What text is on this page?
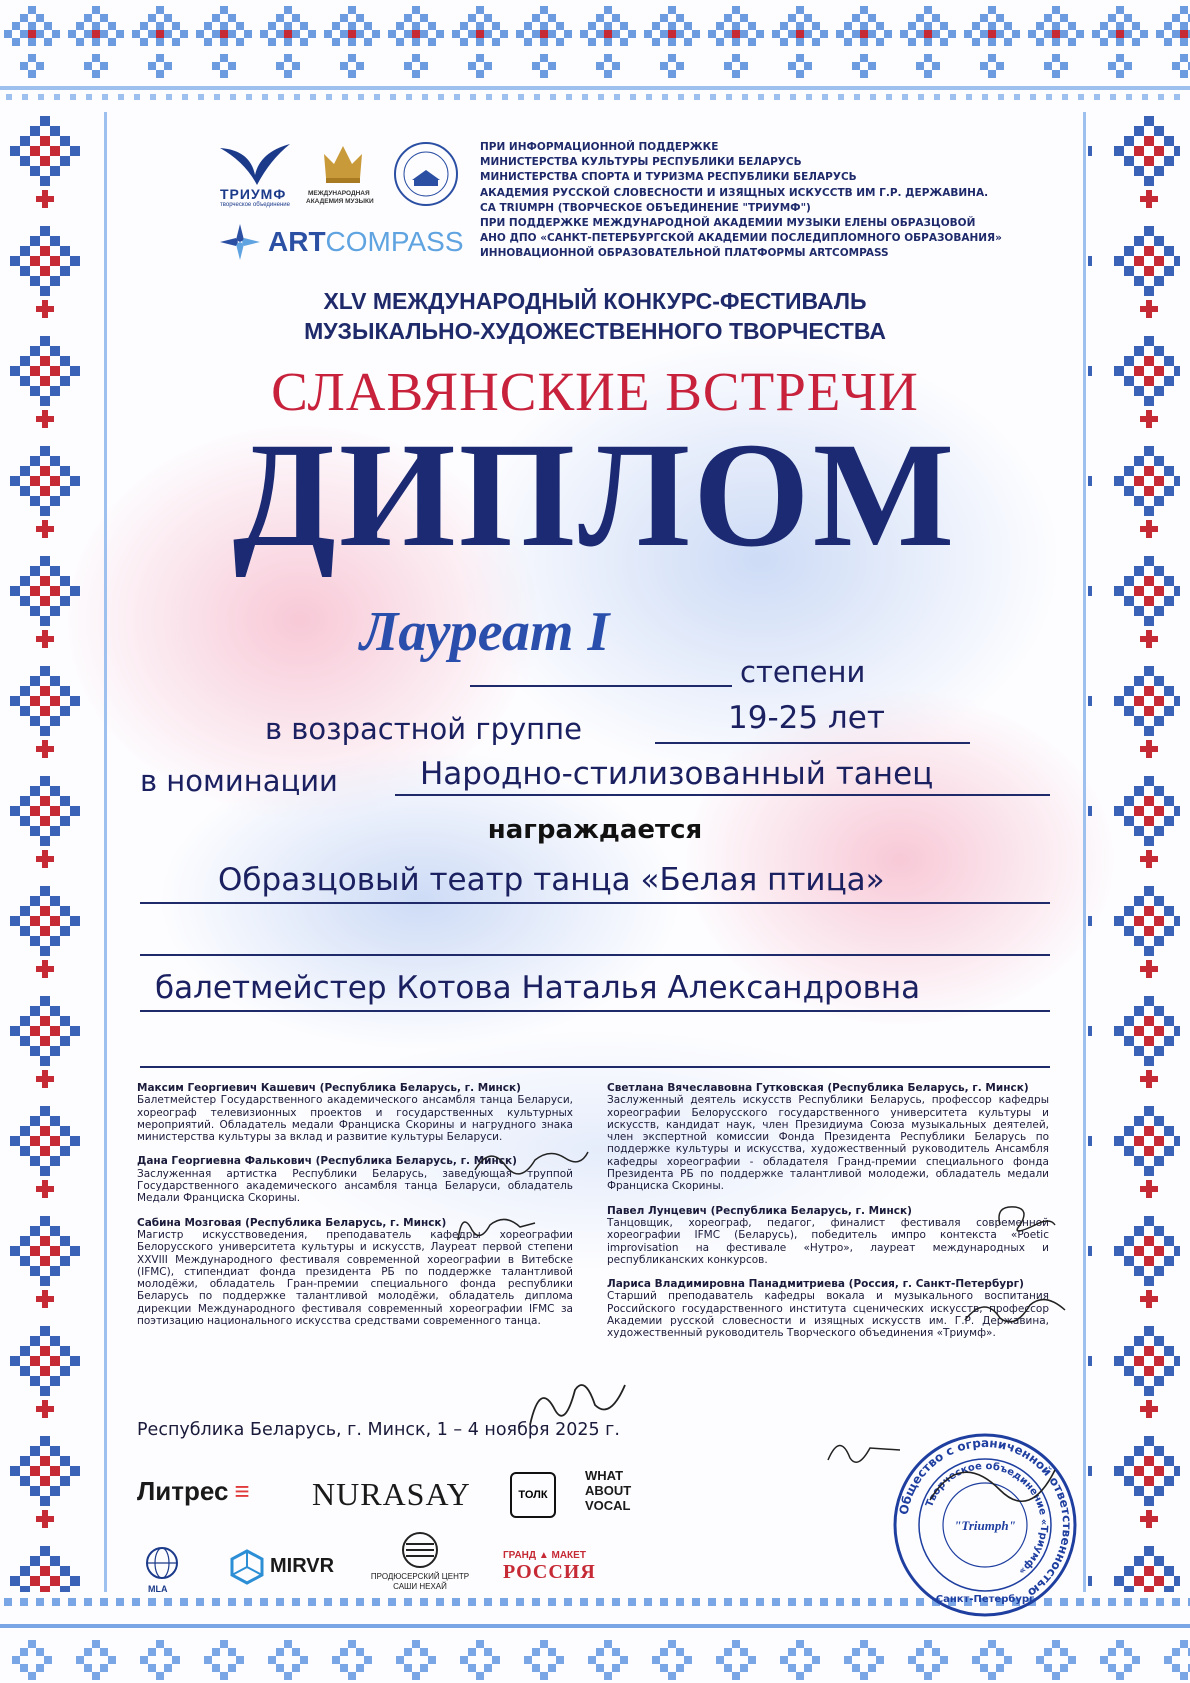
ТРИУМФ
творческое объединение
МЕЖДУНАРОДНАЯ
АКАДЕМИЯ МУЗЫКИ
ARTCOMPASS
ПРИ ИНФОРМАЦИОННОЙ ПОДДЕРЖКЕ
МИНИСТЕРСТВА КУЛЬТУРЫ РЕСПУБЛИКИ БЕЛАРУСЬ
МИНИСТЕРСТВА СПОРТА И ТУРИЗМА РЕСПУБЛИКИ БЕЛАРУСЬ
АКАДЕМИЯ РУССКОЙ СЛОВЕСНОСТИ И ИЗЯЩНЫХ ИСКУССТВ ИМ Г.Р. ДЕРЖАВИНА.
СА TRIUMPH (ТВОРЧЕСКОЕ ОБЪЕДИНЕНИЕ "ТРИУМФ")
ПРИ ПОДДЕРЖКЕ МЕЖДУНАРОДНОЙ АКАДЕМИИ МУЗЫКИ ЕЛЕНЫ ОБРАЗЦОВОЙ
АНО ДПО «САНКТ-ПЕТЕРБУРГСКОЙ АКАДЕМИИ ПОСЛЕДИПЛОМНОГО ОБРАЗОВАНИЯ»
ИННОВАЦИОННОЙ ОБРАЗОВАТЕЛЬНОЙ ПЛАТФОРМЫ ARTCOMPASS
XLV МЕЖДУНАРОДНЫЙ КОНКУРС-ФЕСТИВАЛЬ
МУЗЫКАЛЬНО-ХУДОЖЕСТВЕННОГО ТВОРЧЕСТВА
СЛАВЯНСКИЕ ВСТРЕЧИ
ДИПЛОМ
Лауреат I
степени
в возрастной группе	19-25 лет
в номинации	Народно-стилизованный танец
награждается
Образцовый театр танца «Белая птица»
балетмейстер Котова Наталья Александровна
Максим Георгиевич Кашевич (Республика Беларусь, г. Минск)
Балетмейстер Государственного академического ансамбля танца Беларуси, хореограф телевизионных проектов и государственных культурных мероприятий. Обладатель медали Франциска Скорины и нагрудного знака министерства культуры за вклад и развитие культуры Беларуси.
Дана Георгиевна Фалькович (Республика Беларусь, г. Минск)
Заслуженная артистка Республики Беларусь, заведующая труппой Государственного академического ансамбля танца Беларуси, обладатель Медали Франциска Скорины.
Сабина Мозговая (Республика Беларусь, г. Минск)
Магистр искусствоведения, преподаватель кафедры хореографии Белорусского университета культуры и искусств, Лауреат первой степени XXVIII Международного фестиваля современной хореографии в Витебске (IFMC), стипендиат фонда президента РБ по поддержке талантливой молодёжи, обладатель Гран-премии специального фонда республики Беларусь по поддержке талантливой молодёжи, обладатель диплома дирекции Международного фестиваля современный хореографии IFMC за поэтизацию национального искусства средствами современного танца.
Светлана Вячеславовна Гутковская (Республика Беларусь, г. Минск)
Заслуженный деятель искусств Республики Беларусь, профессор кафедры хореографии Белорусского государственного университета культуры и искусств, кандидат наук, член Президиума Союза музыкальных деятелей, член экспертной комиссии Фонда Президента Республики Беларусь по поддержке культуры и искусства, художественный руководитель Ансамбля кафедры хореографии - обладателя Гранд-премии специального фонда Президента РБ по поддержке талантливой молодежи, обладатель медали Франциска Скорины.
Павел Лунцевич (Республика Беларусь, г. Минск)
Танцовщик, хореограф, педагог, финалист фестиваля современной хореографии IFMC (Беларусь), победитель импро контекста «Poetic improvisation на фестивале «Нутро», лауреат международных и республиканских конкурсов.
Лариса Владимировна Панадмитриева (Россия, г. Санкт-Петербург)
Старший преподаватель кафедры вокала и музыкального воспитания Российского государственного института сценических искусств, профессор Академии русской словесности и изящных искусств им. Г.Р. Державина, художественный руководитель Творческого объединения «Триумф».
Республика Беларусь, г. Минск, 1 – 4 ноября 2025 г.
Литрес ≡ NURASAY	ТОЛК
WHAT
ABOUT
VOCAL
MLA
MIRVR	ПРОДЮСЕРСКИЙ ЦЕНТР
САШИ НЕХАЙ
ГРАНД ▲ МАКЕТ
РОССИЯ
Общество с ограниченной ответственностью
Творческое объединение «Триумф»
"Triumph"
Санкт-Петербург
